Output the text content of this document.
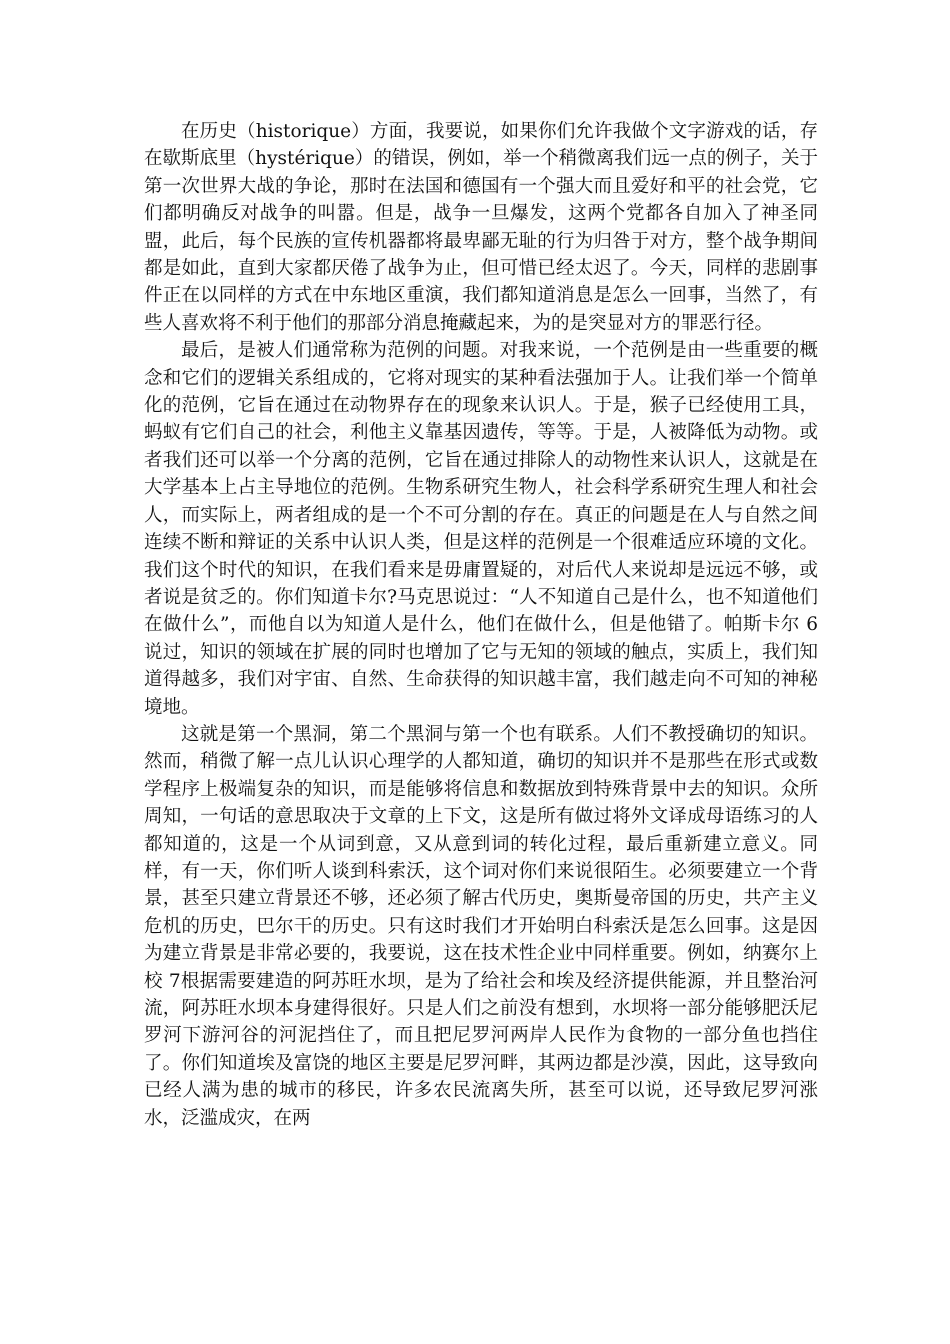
在历史（historique）方面，我要说，如果你们允许我做个文字游戏的话，存在歇斯底里（hystérique）的错误，例如，举一个稍微离我们远一点的例子，关于第一次世界大战的争论，那时在法国和德国有一个强大而且爱好和平的社会党，它们都明确反对战争的叫嚣。但是，战争一旦爆发，这两个党都各自加入了神圣同盟，此后，每个民族的宣传机器都将最卑鄙无耻的行为归咎于对方，整个战争期间都是如此，直到大家都厌倦了战争为止，但可惜已经太迟了。今天，同样的悲剧事件正在以同样的方式在中东地区重演，我们都知道消息是怎么一回事，当然了，有些人喜欢将不利于他们的那部分消息掩藏起来，为的是突显对方的罪恶行径。

最后，是被人们通常称为范例的问题。对我来说，一个范例是由一些重要的概念和它们的逻辑关系组成的，它将对现实的某种看法强加于人。让我们举一个简单化的范例，它旨在通过在动物界存在的现象来认识人。于是，猴子已经使用工具，蚂蚁有它们自己的社会，利他主义靠基因遗传，等等。于是，人被降低为动物。或者我们还可以举一个分离的范例，它旨在通过排除人的动物性来认识人，这就是在大学基本上占主导地位的范例。生物系研究生物人，社会科学系研究生理人和社会人，而实际上，两者组成的是一个不可分割的存在。真正的问题是在人与自然之间连续不断和辩证的关系中认识人类，但是这样的范例是一个很难适应环境的文化。我们这个时代的知识，在我们看来是毋庸置疑的，对后代人来说却是远远不够，或者说是贫乏的。你们知道卡尔?马克思说过：“人不知道自己是什么，也不知道他们在做什么”，而他自以为知道人是什么，他们在做什么，但是他错了。帕斯卡尔 6说过，知识的领域在扩展的同时也增加了它与无知的领域的触点，实质上，我们知道得越多，我们对宇宙、自然、生命获得的知识越丰富，我们越走向不可知的神秘境地。

这就是第一个黑洞，第二个黑洞与第一个也有联系。人们不教授确切的知识。然而，稍微了解一点儿认识心理学的人都知道，确切的知识并不是那些在形式或数学程序上极端复杂的知识，而是能够将信息和数据放到特殊背景中去的知识。众所周知，一句话的意思取决于文章的上下文，这是所有做过将外文译成母语练习的人都知道的，这是一个从词到意，又从意到词的转化过程，最后重新建立意义。同样，有一天，你们听人谈到科索沃，这个词对你们来说很陌生。必须要建立一个背景，甚至只建立背景还不够，还必须了解古代历史，奥斯曼帝国的历史，共产主义危机的历史，巴尔干的历史。只有这时我们才开始明白科索沃是怎么回事。这是因为建立背景是非常必要的，我要说，这在技术性企业中同样重要。例如，纳赛尔上校 7根据需要建造的阿苏旺水坝，是为了给社会和埃及经济提供能源，并且整治河流，阿苏旺水坝本身建得很好。只是人们之前没有想到，水坝将一部分能够肥沃尼罗河下游河谷的河泥挡住了，而且把尼罗河两岸人民作为食物的一部分鱼也挡住了。你们知道埃及富饶的地区主要是尼罗河畔，其两边都是沙漠，因此，这导致向已经人满为患的城市的移民，许多农民流离失所，甚至可以说，还导致尼罗河涨水，泛滥成灾，在两
